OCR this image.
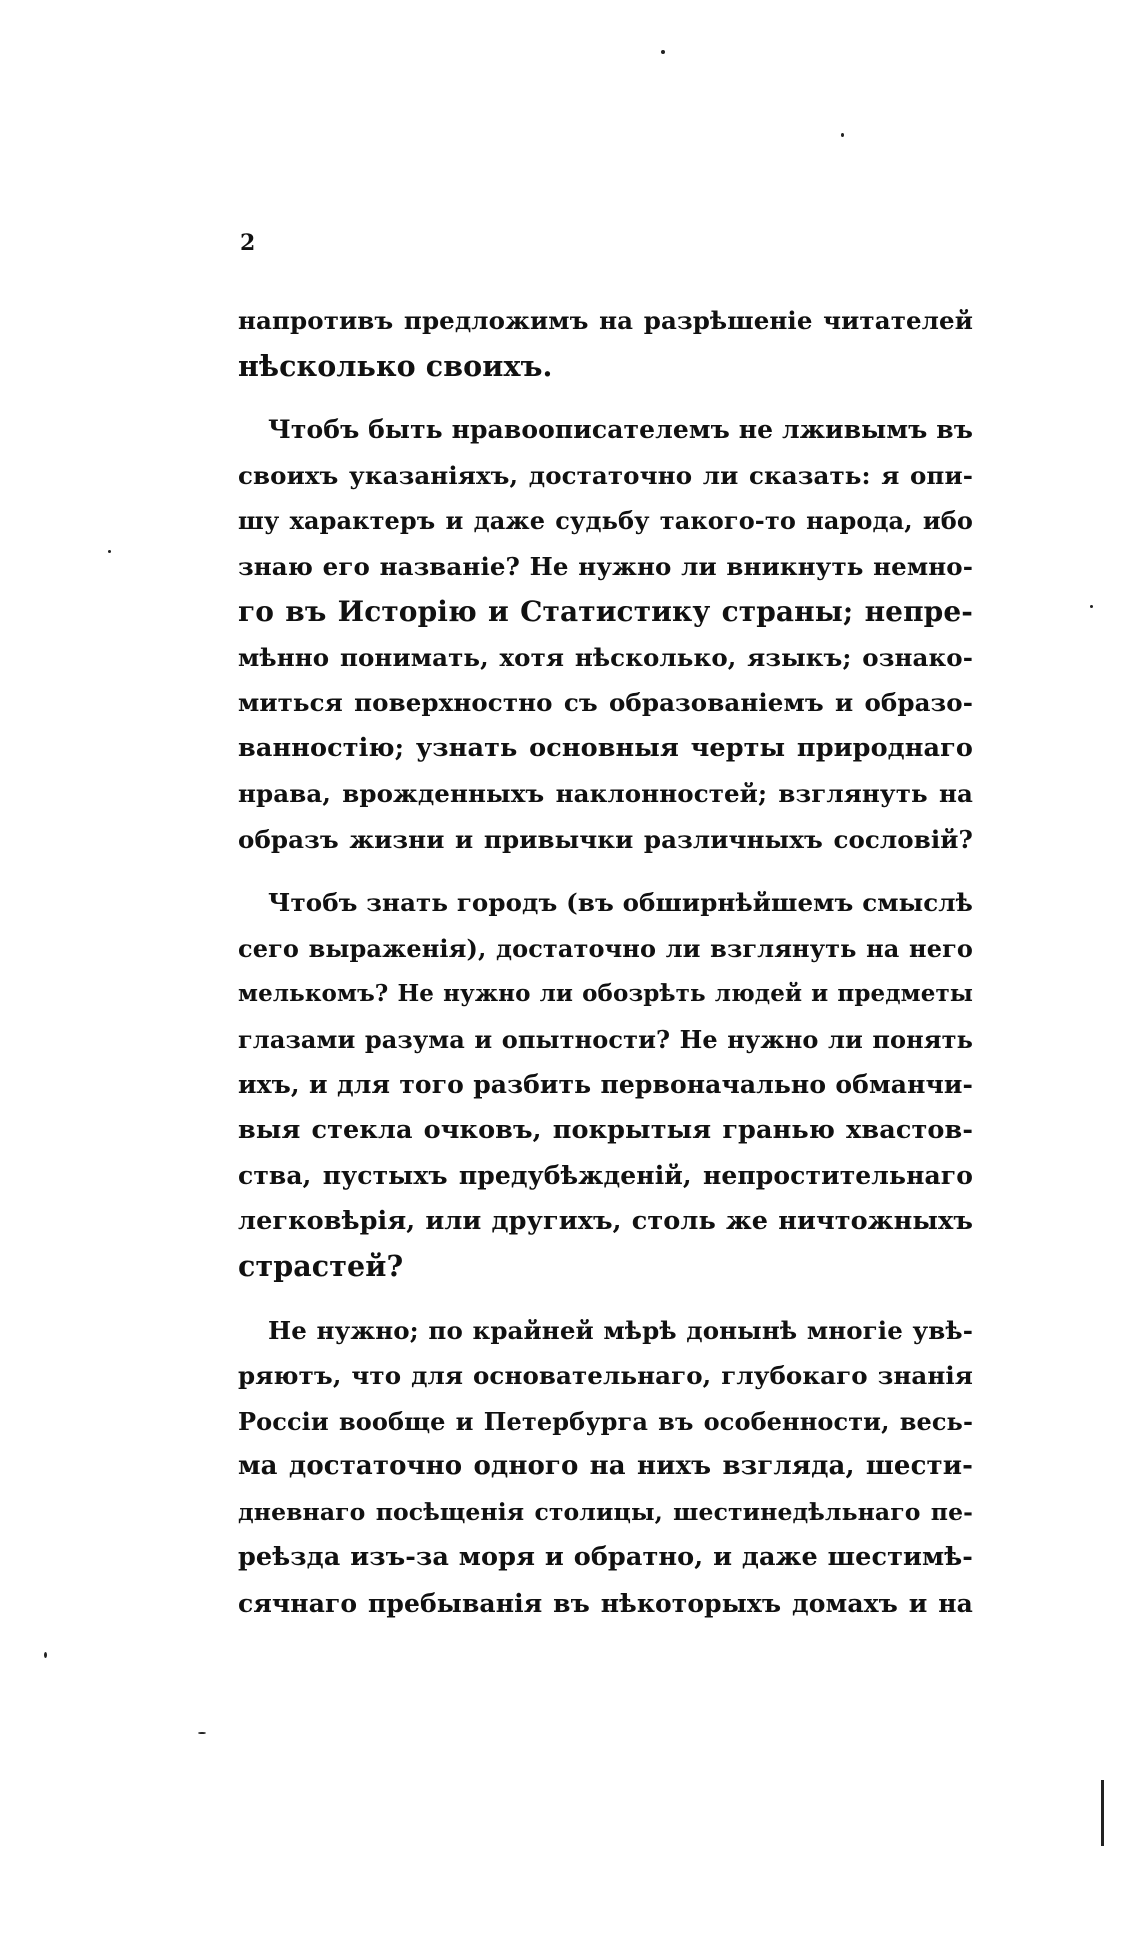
2
напротивъ предложимъ на разрѣшеніе читателей
нѣсколько своихъ.
Чтобъ быть нравоописателемъ не лживымъ въ
своихъ указаніяхъ, достаточно ли сказать: я опи-
шу характеръ и даже судьбу такого-то народа, ибо
знаю его названіе? Не нужно ли вникнуть немно-
го въ Исторію и Статистику страны; непре-
мѣнно понимать, хотя нѣсколько, языкъ; ознако-
миться поверхностно съ образованіемъ и образо-
ванностію; узнать основныя черты природнаго
нрава, врожденныхъ наклонностей; взглянуть на
образъ жизни и привычки различныхъ сословій?
Чтобъ знать городъ (въ обширнѣйшемъ смыслѣ
сего выраженія), достаточно ли взглянуть на него
мелькомъ? Не нужно ли обозрѣть людей и предметы
глазами разума и опытности? Не нужно ли понять
ихъ, и для того разбить первоначально обманчи-
выя стекла очковъ, покрытыя гранью хвастов-
ства, пустыхъ предубѣжденій, непростительнаго
легковѣрія, или другихъ, столь же ничтожныхъ
страстей?
Не нужно; по крайней мѣрѣ донынѣ многіе увѣ-
ряютъ, что для основательнаго, глубокаго знанія
Россіи вообще и Петербурга въ особенности, весь-
ма достаточно одного на нихъ взгляда, шести-
дневнаго посѣщенія столицы, шестинедѣльнаго пе-
реѣзда изъ-за моря и обратно, и даже шестимѣ-
сячнаго пребыванія въ нѣкоторыхъ домахъ и на
